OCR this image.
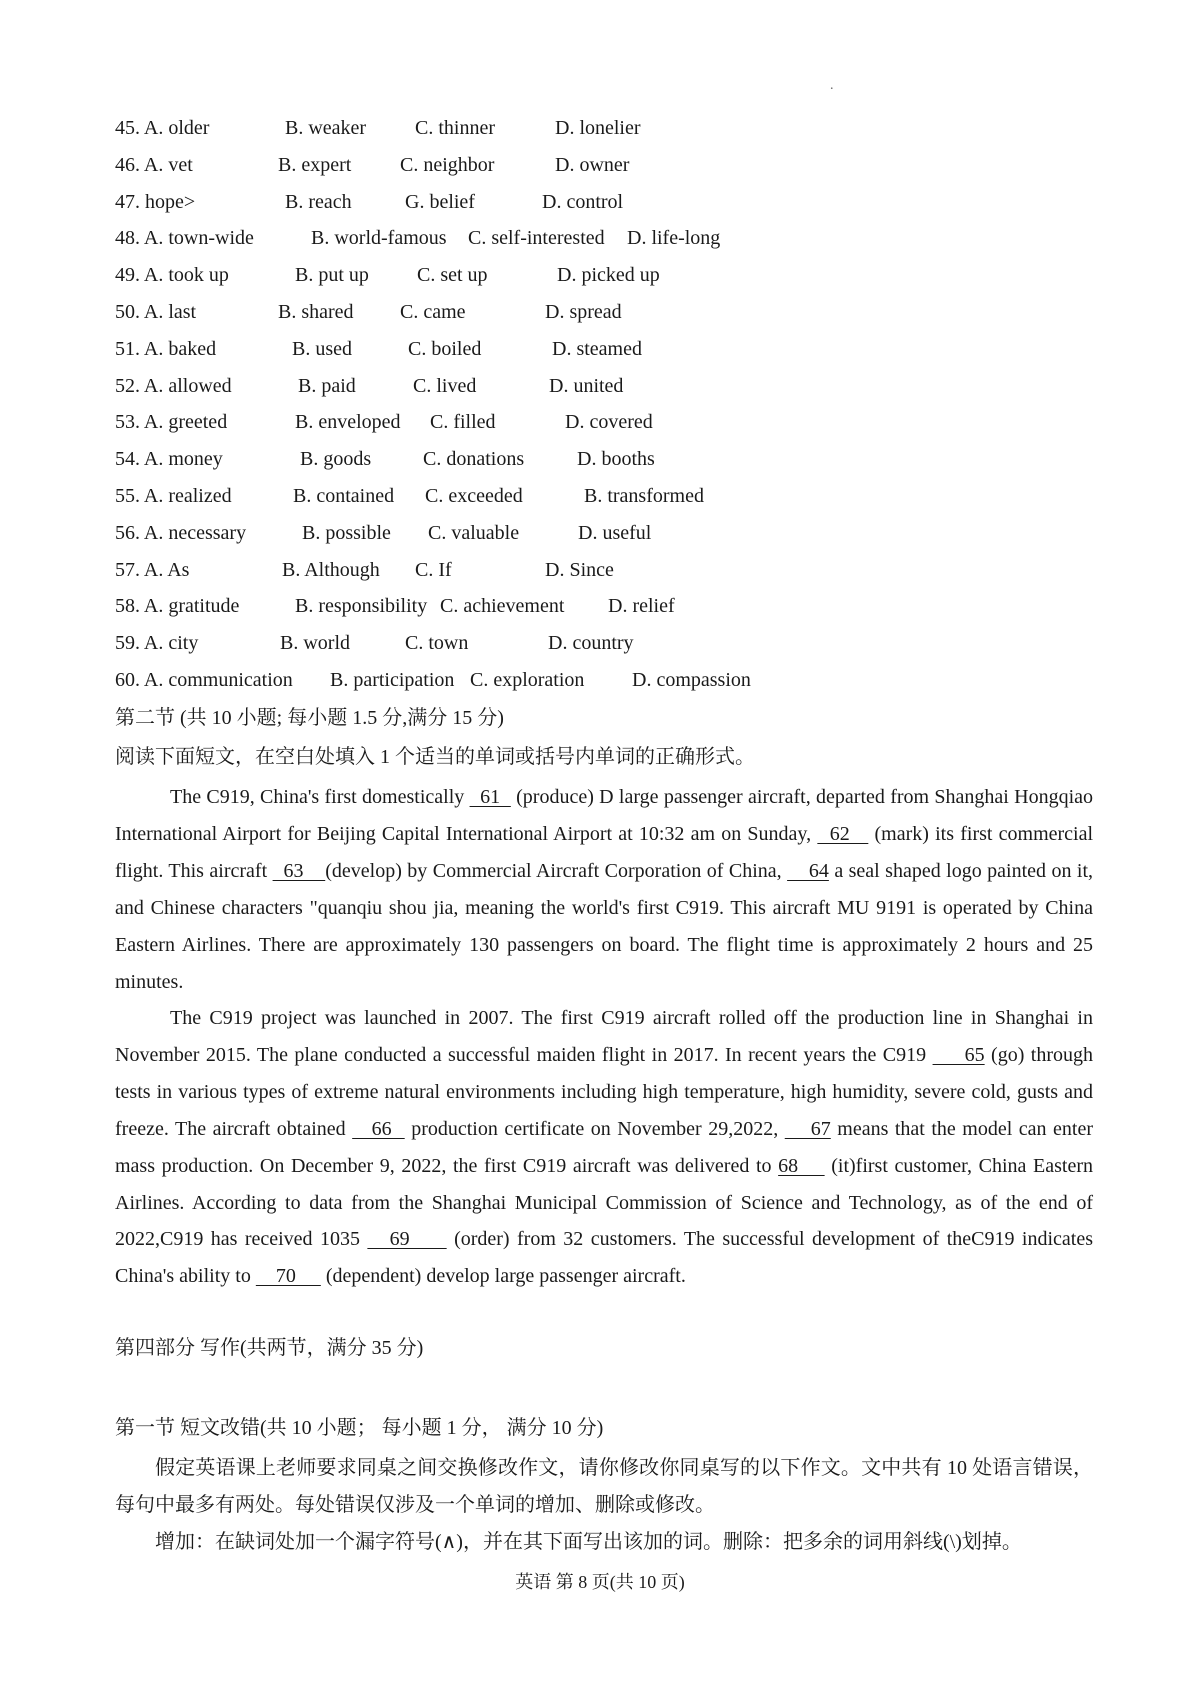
.
45. A. older	B. weaker C. thinner	D. lonelier
46. A. vet	B. expert C. neighbor	D. owner
47. hope>	B. reach	G. belief	D. control
48. A. town-wide	B. world-famous C. self-interested D. life-long
49. A. took up	B. put up C. set up	D. picked up
50. A. last	B. shared C. came	D. spread
51. A. baked	B. used	C. boiled	D. steamed
52. A. allowed	B. paid	C. lived	D. united
53. A. greeted	B. enveloped C. filled	D. covered
54. A. money	B. goods	C. donations	D. booths
55. A. realized	B. contained C. exceeded	B. transformed
56. A. necessary	B. possible C. valuable	D. useful
57. A. As	B. Although C. If	D. Since
58. A. gratitude	B. responsibility C. achievement D. relief
59. A. city	B. world	C. town	D. country
60. A. communication B. participation C. exploration D. compassion
第二节 (共 10 小题; 每小题 1.5 分,满分 15 分)
阅读下面短文，在空白处填入 1 个适当的单词或括号内单词的正确形式。

The C919, China's first domestically   61   (produce) D large passenger aircraft, departed from Shanghai Hongqiao International Airport for Beijing Capital International Airport at 10:32 am on Sunday,   62    (mark) its first commercial flight. This aircraft   63    (develop) by Commercial Aircraft Corporation of China,     64 a seal shaped logo painted on it, and Chinese characters "quanqiu shou jia, meaning the world's first C919. This aircraft MU 9191 is operated by China Eastern Airlines. There are approximately 130 passengers on board. The flight time is approximately 2 hours and 25 minutes.

The C919 project was launched in 2007. The first C919 aircraft rolled off the production line in Shanghai in November 2015. The plane conducted a successful maiden flight in 2017. In recent years the C919      65 (go) through tests in various types of extreme natural environments including high temperature, high humidity, severe cold, gusts and freeze. The aircraft obtained    66   production certificate on November 29,2022,     67 means that the model can enter mass production. On December 9, 2022, the first C919 aircraft was delivered to 68     (it)first customer, China Eastern Airlines. According to data from the Shanghai Municipal Commission of Science and Technology, as of the end of 2022,C919 has received 1035    69      (order) from 32 customers. The successful development of theC919 indicates China's ability to     70      (dependent) develop large passenger aircraft.

第四部分 写作(共两节，满分 35 分)
第一节 短文改错(共 10 小题； 每小题 1 分， 满分 10 分)

假定英语课上老师要求同桌之间交换修改作文，请你修改你同桌写的以下作文。文中共有 10 处语言错误，每句中最多有两处。每处错误仅涉及一个单词的增加、删除或修改。

增加：在缺词处加一个漏字符号(∧)，并在其下面写出该加的词。删除：把多余的词用斜线(\)划掉。

英语 第 8 页(共 10 页)
